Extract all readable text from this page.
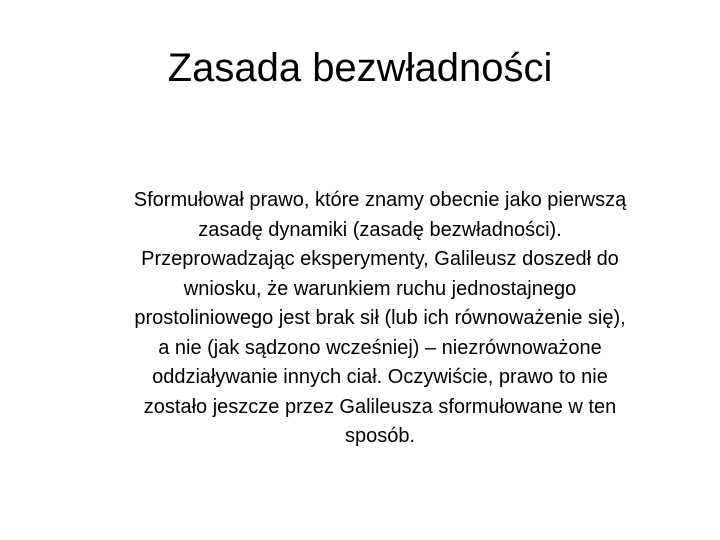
Zasada bezwładności

Sformułował prawo, które znamy obecnie jako pierwszą
zasadę dynamiki (zasadę bezwładności).
Przeprowadzając eksperymenty, Galileusz doszedł do
wniosku, że warunkiem ruchu jednostajnego
prostoliniowego jest brak sił (lub ich równoważenie się),
a nie (jak sądzono wcześniej) – niezrównoważone
oddziaływanie innych ciał. Oczywiście, prawo to nie
zostało jeszcze przez Galileusza sformułowane w ten
sposób.
